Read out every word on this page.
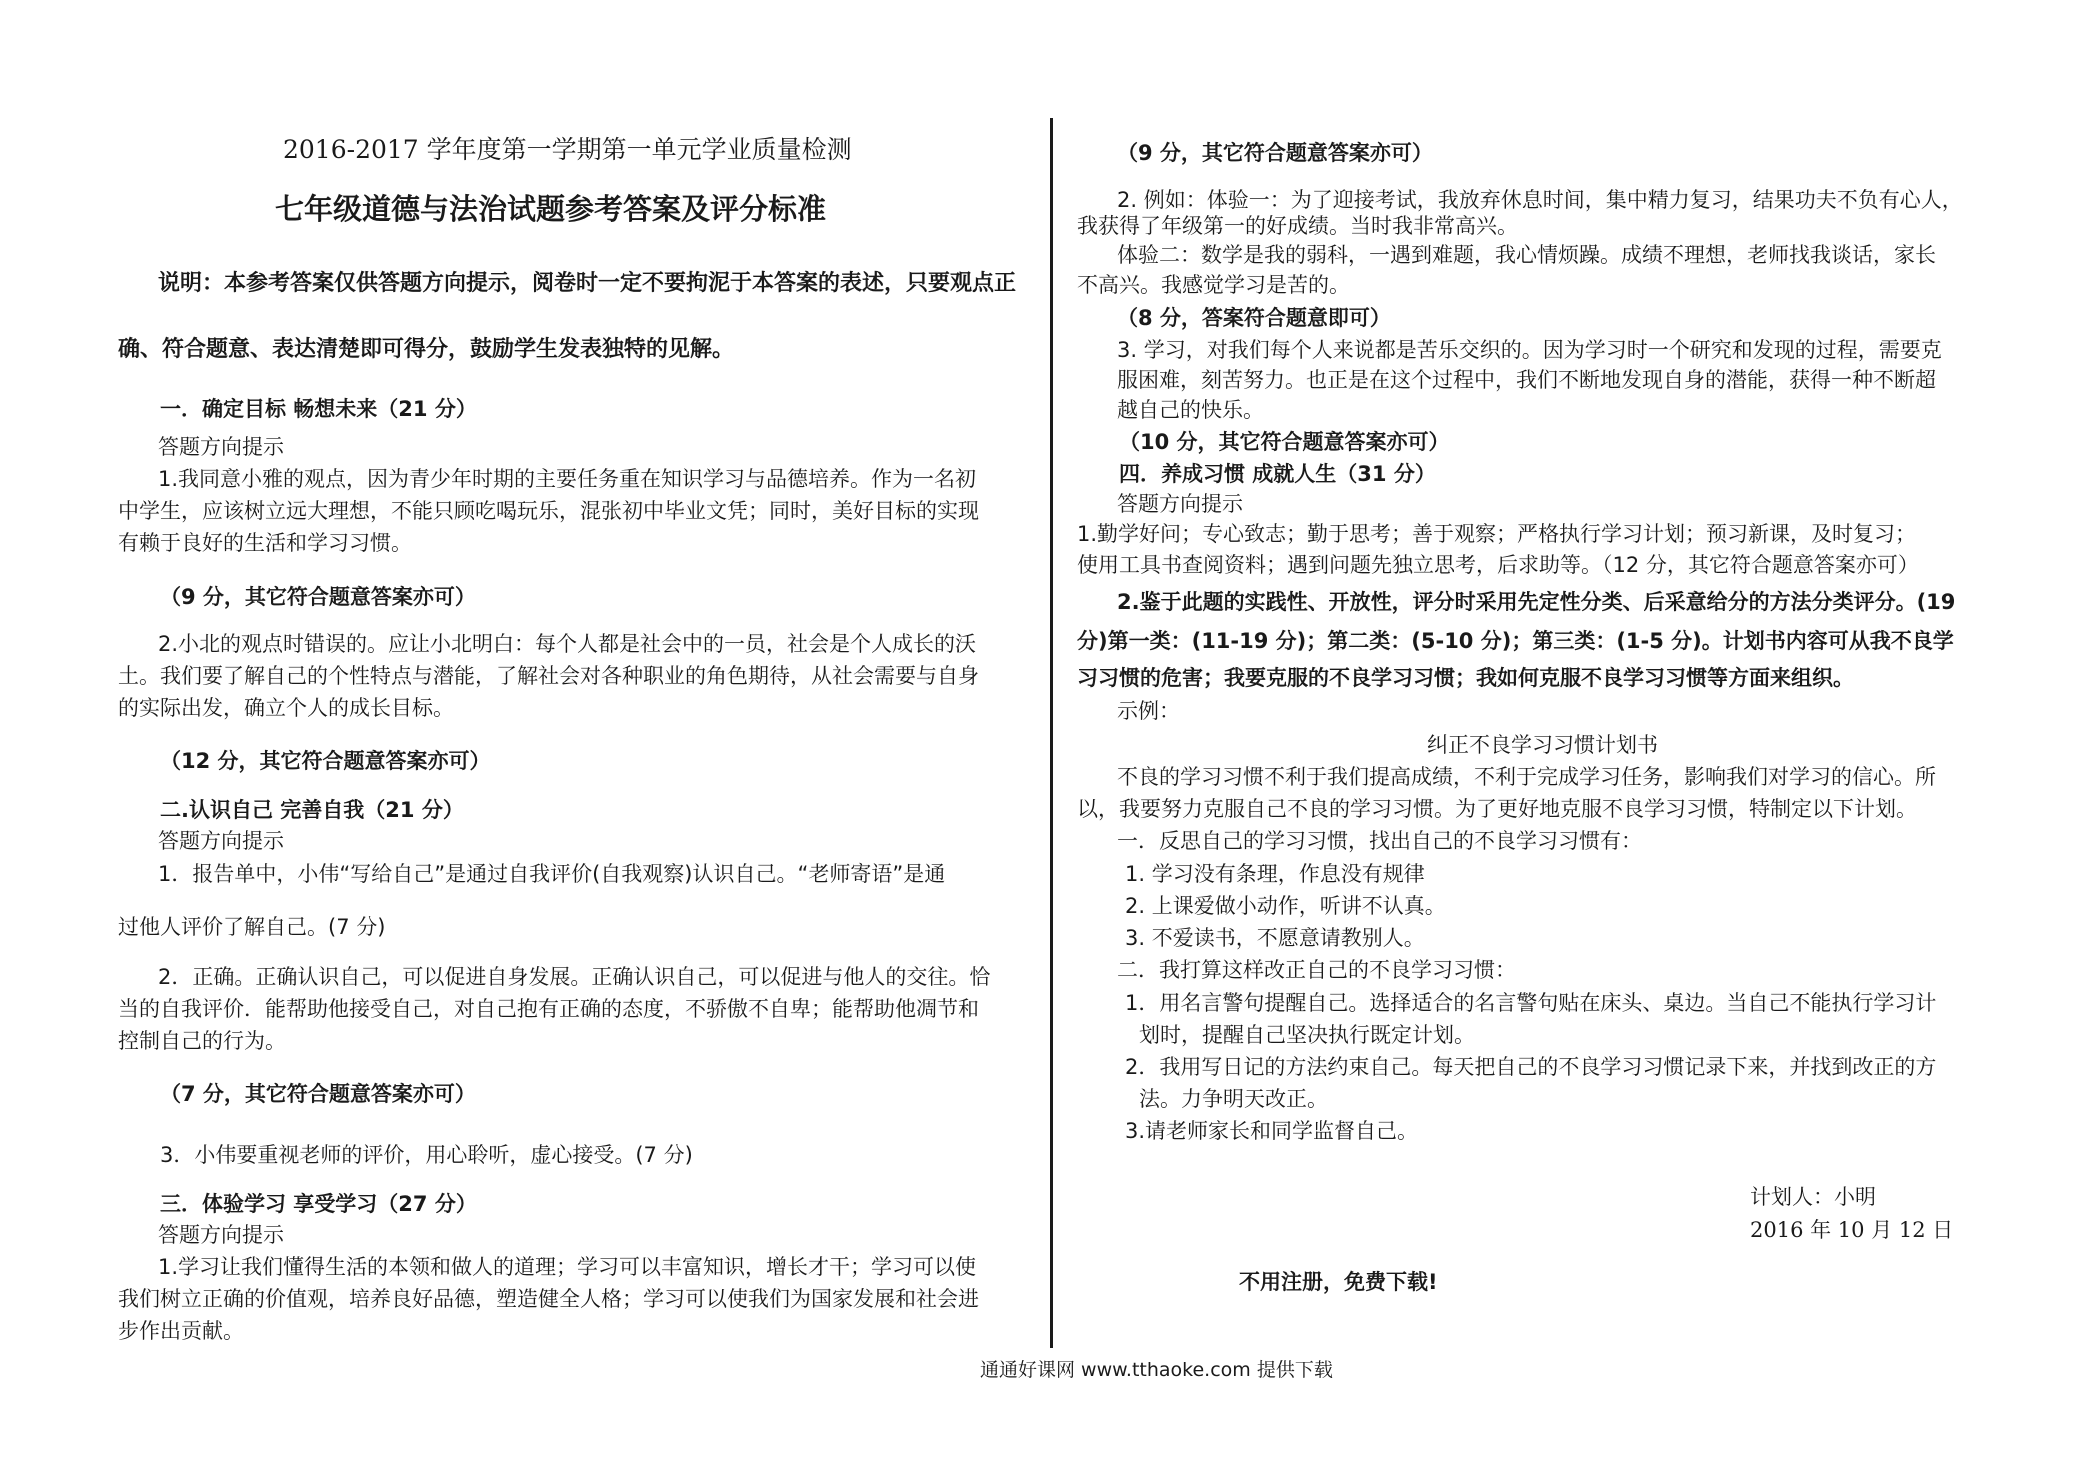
2016-2017 学年度第一学期第一单元学业质量检测
七年级道德与法治试题参考答案及评分标准
说明：本参考答案仅供答题方向提示，阅卷时一定不要拘泥于本答案的表述，只要观点正
确、符合题意、表达清楚即可得分，鼓励学生发表独特的见解。
一．确定目标 畅想未来（21 分）
答题方向提示
1.我同意小雅的观点，因为青少年时期的主要任务重在知识学习与品德培养。作为一名初
中学生，应该树立远大理想，不能只顾吃喝玩乐，混张初中毕业文凭；同时，美好目标的实现
有赖于良好的生活和学习习惯。
（9 分，其它符合题意答案亦可）
2.小北的观点时错误的。应让小北明白：每个人都是社会中的一员，社会是个人成长的沃
土。我们要了解自己的个性特点与潜能，了解社会对各种职业的角色期待，从社会需要与自身
的实际出发，确立个人的成长目标。
（12 分，其它符合题意答案亦可）
二.认识自己 完善自我（21 分）
答题方向提示
1．报告单中，小伟“写给自己”是通过自我评价(自我观察)认识自己。“老师寄语”是通
过他人评价了解自己。(7 分)
2．正确。正确认识自己，可以促进自身发展。正确认识自己，可以促进与他人的交往。恰
当的自我评价．能帮助他接受自己，对自己抱有正确的态度，不骄傲不自卑；能帮助他凋节和
控制自己的行为。
（7 分，其它符合题意答案亦可）
3．小伟要重视老师的评价，用心聆听，虚心接受。(7 分)
三．体验学习 享受学习（27 分）
答题方向提示
1.学习让我们懂得生活的本领和做人的道理；学习可以丰富知识，增长才干；学习可以使
我们树立正确的价值观，培养良好品德，塑造健全人格；学习可以使我们为国家发展和社会进
步作出贡献。
（9 分，其它符合题意答案亦可）
2. 例如：体验一：为了迎接考试，我放弃休息时间，集中精力复习，结果功夫不负有心人，
我获得了年级第一的好成绩。当时我非常高兴。
体验二：数学是我的弱科，一遇到难题，我心情烦躁。成绩不理想，老师找我谈话，家长
不高兴。我感觉学习是苦的。
（8 分，答案符合题意即可）
3. 学习，对我们每个人来说都是苦乐交织的。因为学习时一个研究和发现的过程，需要克
服困难，刻苦努力。也正是在这个过程中，我们不断地发现自身的潜能，获得一种不断超
越自己的快乐。
（10 分，其它符合题意答案亦可）
四．养成习惯 成就人生（31 分）
答题方向提示
1.勤学好问；专心致志；勤于思考；善于观察；严格执行学习计划；预习新课，及时复习；
使用工具书查阅资料；遇到问题先独立思考，后求助等。（12 分，其它符合题意答案亦可）
2.鉴于此题的实践性、开放性，评分时采用先定性分类、后采意给分的方法分类评分。(19
分)第一类：(11-19 分)；第二类：(5-10 分)；第三类：(1-5 分)。计划书内容可从我不良学
习习惯的危害；我要克服的不良学习习惯；我如何克服不良学习习惯等方面来组织。
示例：
纠正不良学习习惯计划书
不良的学习习惯不利于我们提高成绩，不利于完成学习任务，影响我们对学习的信心。所
以，我要努力克服自己不良的学习习惯。为了更好地克服不良学习习惯，特制定以下计划。
一．反思自己的学习习惯，找出自己的不良学习习惯有：
1. 学习没有条理，作息没有规律
2. 上课爱做小动作，听讲不认真。
3. 不爱读书，不愿意请教别人。
二．我打算这样改正自己的不良学习习惯：
1．用名言警句提醒自己。选择适合的名言警句贴在床头、桌边。当自己不能执行学习计
划时，提醒自己坚决执行既定计划。
2．我用写日记的方法约束自己。每天把自己的不良学习习惯记录下来，并找到改正的方
法。力争明天改正。
3.请老师家长和同学监督自己。
计划人：小明
2016 年 10 月 12 日
不用注册，免费下载!
通通好课网 www.tthaoke.com 提供下载
